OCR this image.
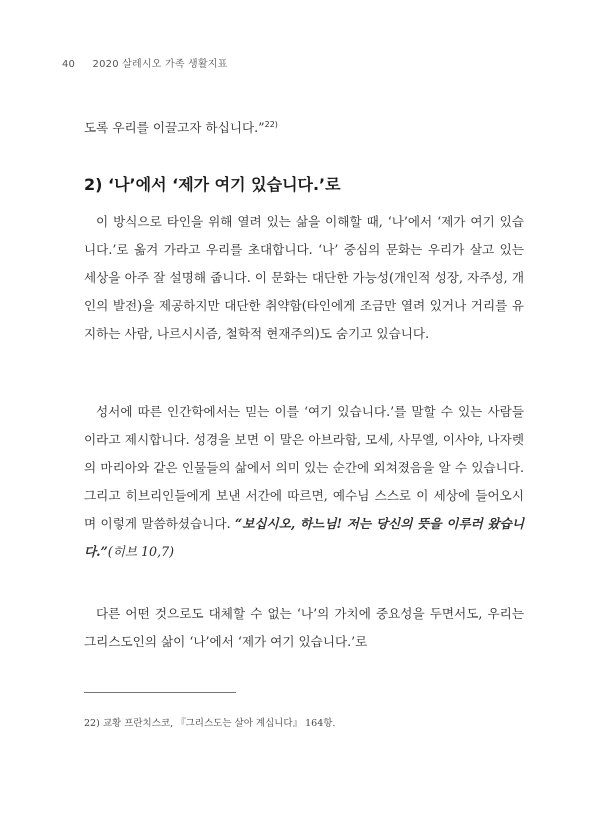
40 2020 살레시오 가족 생활지표

도록 우리를 이끌고자 하십니다.”$^{22)}$

2) ‘나’에서 ‘제가 여기 있습니다.’로

이 방식으로 타인을 위해 열려 있는 삶을 이해할 때, ‘나’에서 ‘제가 여기 있습니다.’로 옮겨 가라고 우리를 초대합니다. ‘나’ 중심의 문화는 우리가 살고 있는 세상을 아주 잘 설명해 줍니다. 이 문화는 대단한 가능성(개인적 성장, 자주성, 개인의 발전)을 제공하지만 대단한 취약함(타인에게 조금만 열려 있거나 거리를 유지하는 사람, 나르시시즘, 철학적 현재주의)도 숨기고 있습니다.

성서에 따른 인간학에서는 믿는 이를 ‘여기 있습니다.’를 말할 수 있는 사람들이라고 제시합니다. 성경을 보면 이 말은 아브라함, 모세, 사무엘, 이사야, 나자렛의 마리아와 같은 인물들의 삶에서 의미 있는 순간에 외쳐졌음을 알 수 있습니다. 그리고 히브리인들에게 보낸 서간에 따르면, 예수님 스스로 이 세상에 들어오시며 이렇게 말씀하셨습니다. “보십시오, 하느님! 저는 당신의 뜻을 이루러 왔습니다.”(히브 10,7)

다른 어떤 것으로도 대체할 수 없는 ‘나’의 가치에 중요성을 두면서도, 우리는 그리스도인의 삶이 ‘나’에서 ‘제가 여기 있습니다.’로

22) 교황 프란치스코, 『그리스도는 살아 계십니다』 164항.
